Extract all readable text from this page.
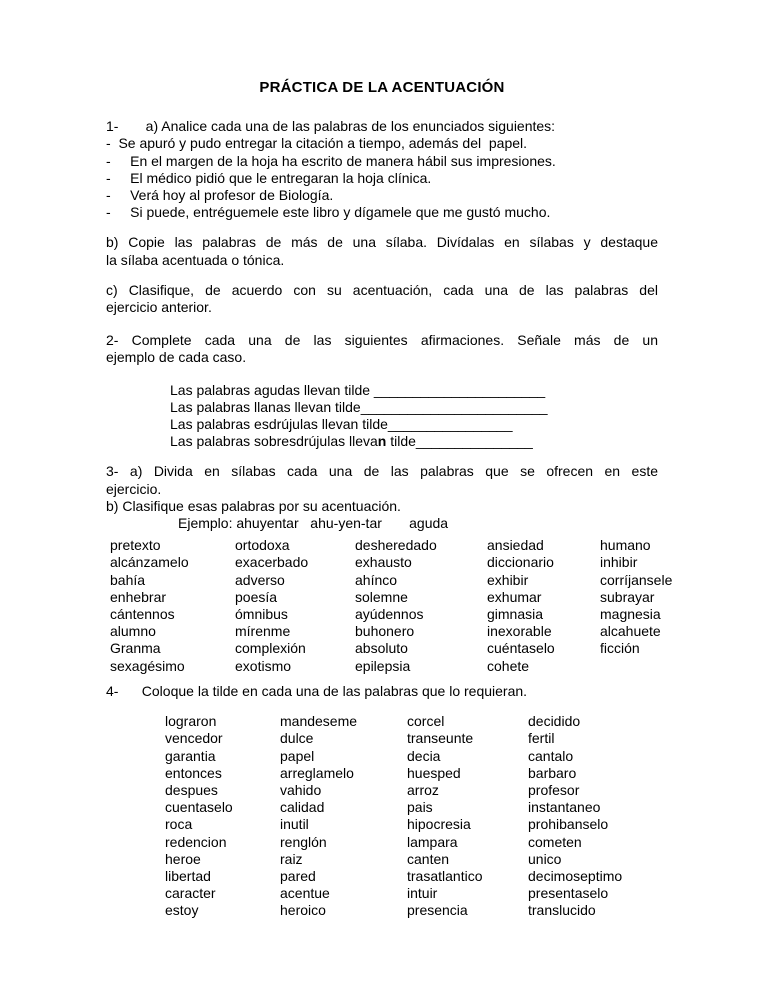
PRÁCTICA DE LA ACENTUACIÓN
1-       a) Analice cada una de las palabras de los enunciados siguientes:
-  Se apuró y pudo entregar la citación a tiempo, además del  papel.
-     En el margen de la hoja ha escrito de manera hábil sus impresiones.
-     El médico pidió que le entregaran la hoja clínica.
-     Verá hoy al profesor de Biología.
-     Si puede, entréguemele este libro y dígamele que me gustó mucho.
b) Copie las palabras de más de una sílaba. Divídalas en sílabas y destaque
la sílaba acentuada o tónica.
c) Clasifique, de acuerdo con su acentuación, cada una de las palabras del
ejercicio anterior.
2- Complete cada una de las siguientes afirmaciones. Señale más de un
ejemplo de cada caso.
Las palabras agudas llevan tilde ______________________
Las palabras llanas llevan tilde________________________
Las palabras esdrújulas llevan tilde________________
Las palabras sobresdrújulas llevan tilde_______________
3- a) Divida en sílabas cada una de las palabras que se ofrecen en este
ejercicio.
b) Clasifique esas palabras por su acentuación.
Ejemplo: ahuyentar   ahu-yen-tar       aguda
pretexto
alcánzamelo
bahía
enhebrar
cántennos
alumno
Granma
sexagésimo
ortodoxa
exacerbado
adverso
poesía
ómnibus
mírenme
complexión
exotismo
desheredado
exhausto
ahínco
solemne
ayúdennos
buhonero
absoluto
epilepsia
ansiedad
diccionario
exhibir
exhumar
gimnasia
inexorable
cuéntaselo
cohete
humano
inhibir
corríjansele
subrayar
magnesia
alcahuete
ficción
4-      Coloque la tilde en cada una de las palabras que lo requieran.
lograron
vencedor
garantia
entonces
despues
cuentaselo
roca
redencion
heroe
libertad
caracter
estoy
mandeseme
dulce
papel
arreglamelo
vahido
calidad
inutil
renglón
raiz
pared
acentue
heroico
corcel
transeunte
decia
huesped
arroz
pais
hipocresia
lampara
canten
trasatlantico
intuir
presencia
decidido
fertil
cantalo
barbaro
profesor
instantaneo
prohibanselo
cometen
unico
decimoseptimo
presentaselo
translucido
